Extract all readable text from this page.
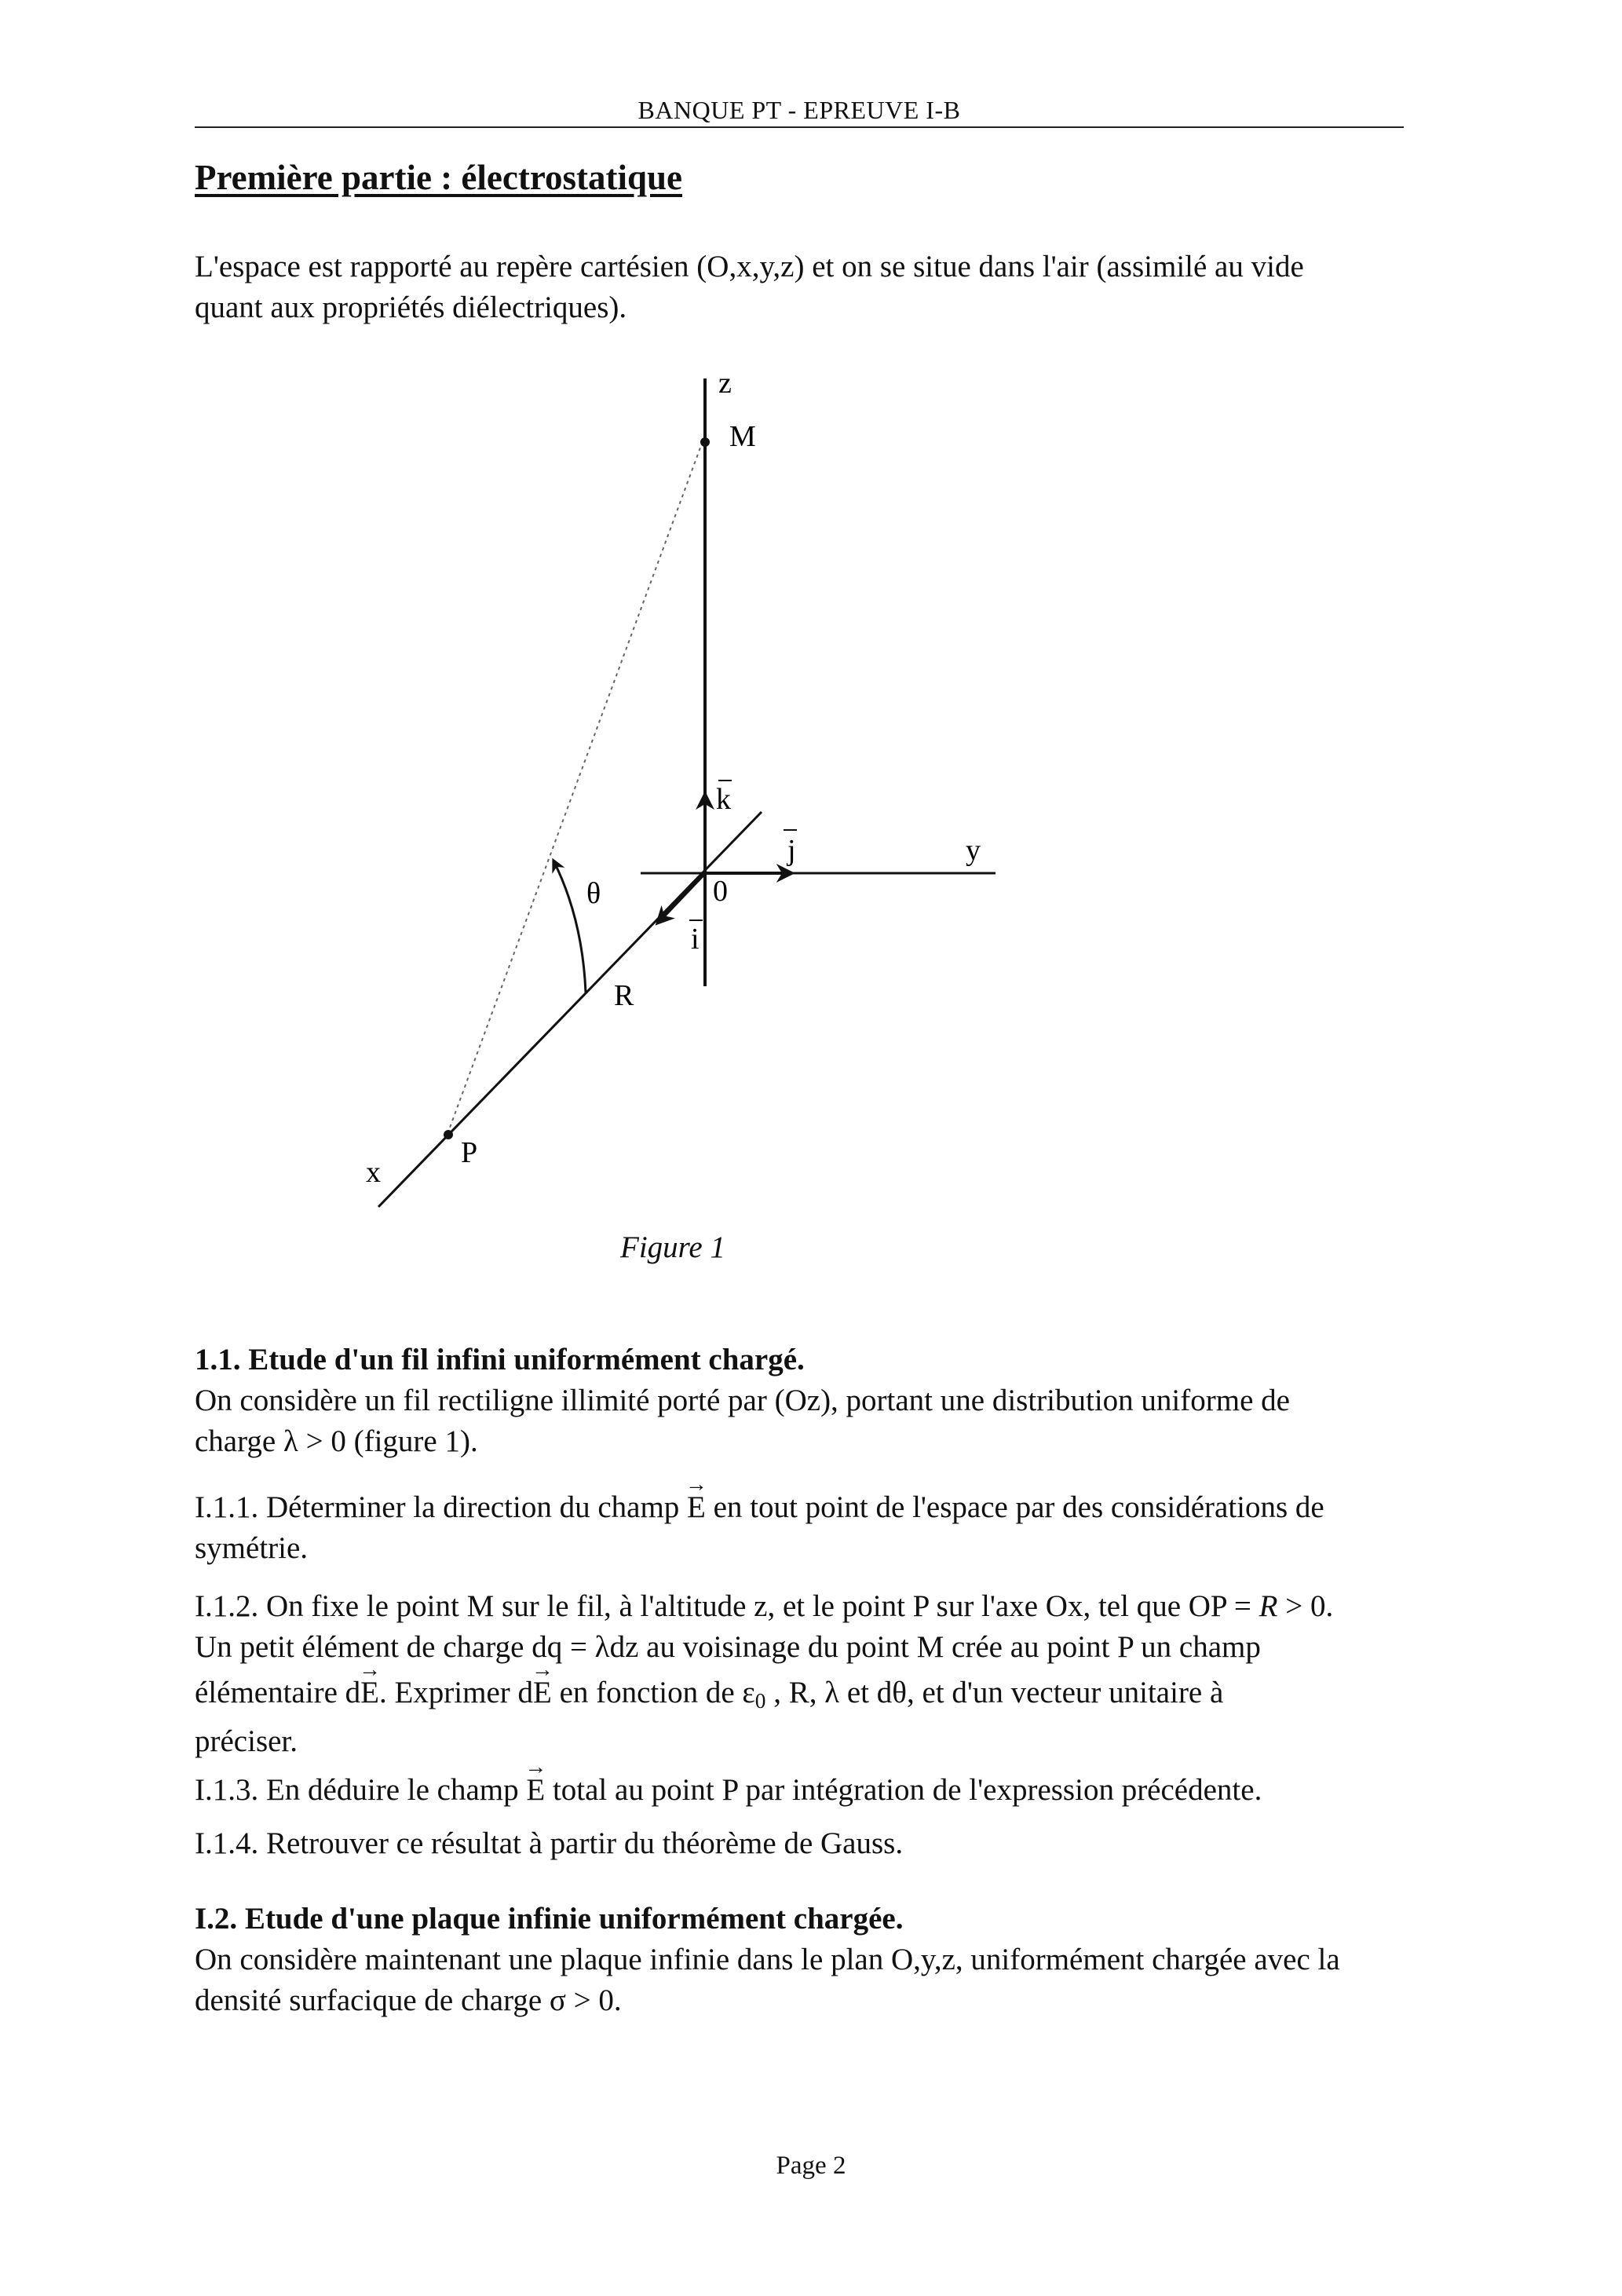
BANQUE PT - EPREUVE I-B
Première partie : électrostatique
L'espace est rapporté au repère cartésien (O,x,y,z) et on se situe dans l'air (assimilé au vide
quant aux propriétés diélectriques).
z
M
k
j	y
θ	0
i
R
P
x
Figure 1
1.1. Etude d'un fil infini uniformément chargé.
On considère un fil rectiligne illimité porté par (Oz), portant une distribution uniforme de
charge λ > 0 (figure 1).
I.1.1. Déterminer la direction du champ → E en tout point de l'espace par des considérations de
symétrie.
I.1.2. On fixe le point M sur le fil, à l'altitude z, et le point P sur l'axe Ox, tel que OP = R > 0.
Un petit élément de charge dq = λdz au voisinage du point M crée au point P un champ
élémentaire d→ E. Exprimer d→ E en fonction de $\varepsilon_0$ , R, λ et dθ, et d'un vecteur unitaire à
préciser.
I.1.3. En déduire le champ → E total au point P par intégration de l'expression précédente.
I.1.4. Retrouver ce résultat à partir du théorème de Gauss.
I.2. Etude d'une plaque infinie uniformément chargée.
On considère maintenant une plaque infinie dans le plan O,y,z, uniformément chargée avec la
densité surfacique de charge σ > 0.
Page 2
